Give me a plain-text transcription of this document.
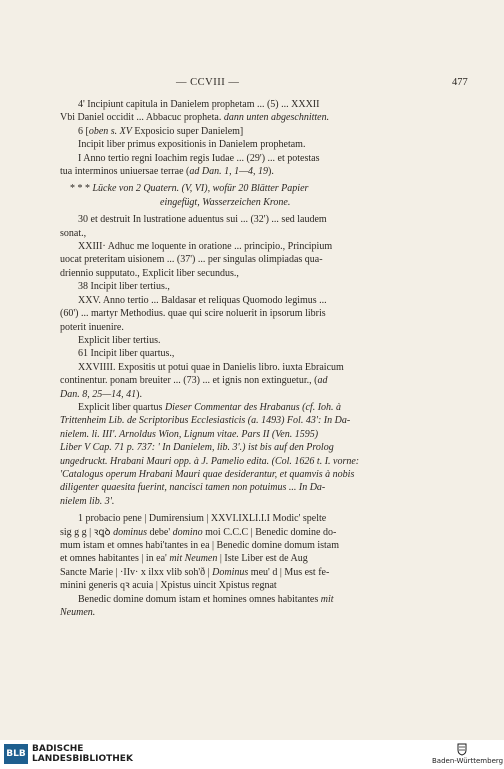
— CCVIII —	477

4' Incipiunt capitula in Danielem prophetam ... (5) ... XXXII

Vbi Daniel occidit ... Abbacuc propheta. dann unten abgeschnitten.

6 [oben s. XV Exposicio super Danielem]

Incipit liber primus expositionis in Danielem prophetam.

I Anno tertio regni Ioachim regis Iudae ... (29') ... et potestas

tua interminos uniuersae terrae (ad Dan. 1, 1—4, 19).

* * * Lücke von 2 Quatern. (V, VI), wofür 20 Blätter Papier

eingefügt, Wasserzeichen Krone.

30 et destruit In lustratione aduentus sui ... (32') ... sed laudem

sonat.,

XXIII· Adhuc me loquente in oratione ... principio., Principium

uocat preteritam uisionem ... (37') ... per singulas olimpiadas qua-

driennio supputato., Explicit liber secundus.,

38 Incipit liber tertius.,

XXV. Anno tertio ... Baldasar et reliquas Quomodo legimus ...

(60') ... martyr Methodius. quae qui scire noluerit in ipsorum libris

poterit inuenire.

Explicit liber tertius.

61 Incipit liber quartus.,

XXVIIII. Expositis ut potui quae in Danielis libro. iuxta Ebraicum

continentur. ponam breuiter ... (73) ... et ignis non extinguetur., (ad

Dan. 8, 25—14, 41).

Explicit liber quartus Dieser Commentar des Hrabanus (cf. Ioh. à

Trittenheim Lib. de Scriptoribus Ecclesiasticis (a. 1493) Fol. 43': In Da-

nielem. li. III'. Arnoldus Wion, Lignum vitae. Pars II (Ven. 1595)

Liber V Cap. 71 p. 737: ' In Danielem, lib. 3'.) ist bis auf den Prolog

ungedruckt. Hrabani Mauri opp. à J. Pamelio edita. (Col. 1626 t. I. vorne:

'Catalogus operum Hrabani Mauri quae desiderantur, et quamvis à nobis

diligenter quaesita fuerint, nancisci tamen non potuimus ... In Da-

nielem lib. 3'.

1 probacio pene | Dumirensium | XXVI.IXLI.I.I Modic' spelte

sig g g | ꝛꝗꝺ dominus debe' domino moi C.C.C | Benedic domine do-

mum istam et omnes habi'tantes in ea | Benedic domine domum istam

et omnes habitantes | in ea' mit Neumen | Iste Liber est de Aug

Sancte Marie | ·IIv· x ilxx vlib soh'ð | Dominus meu' d | Mus est fe-

minini generis qꝛ acuia | Xpistus uincit Xpistus regnat

Benedic domine domum istam et homines omnes habitantes mit

Neumen.

BLB BADISCHE
LANDESBIBLIOTHEK	Baden-Württemberg
